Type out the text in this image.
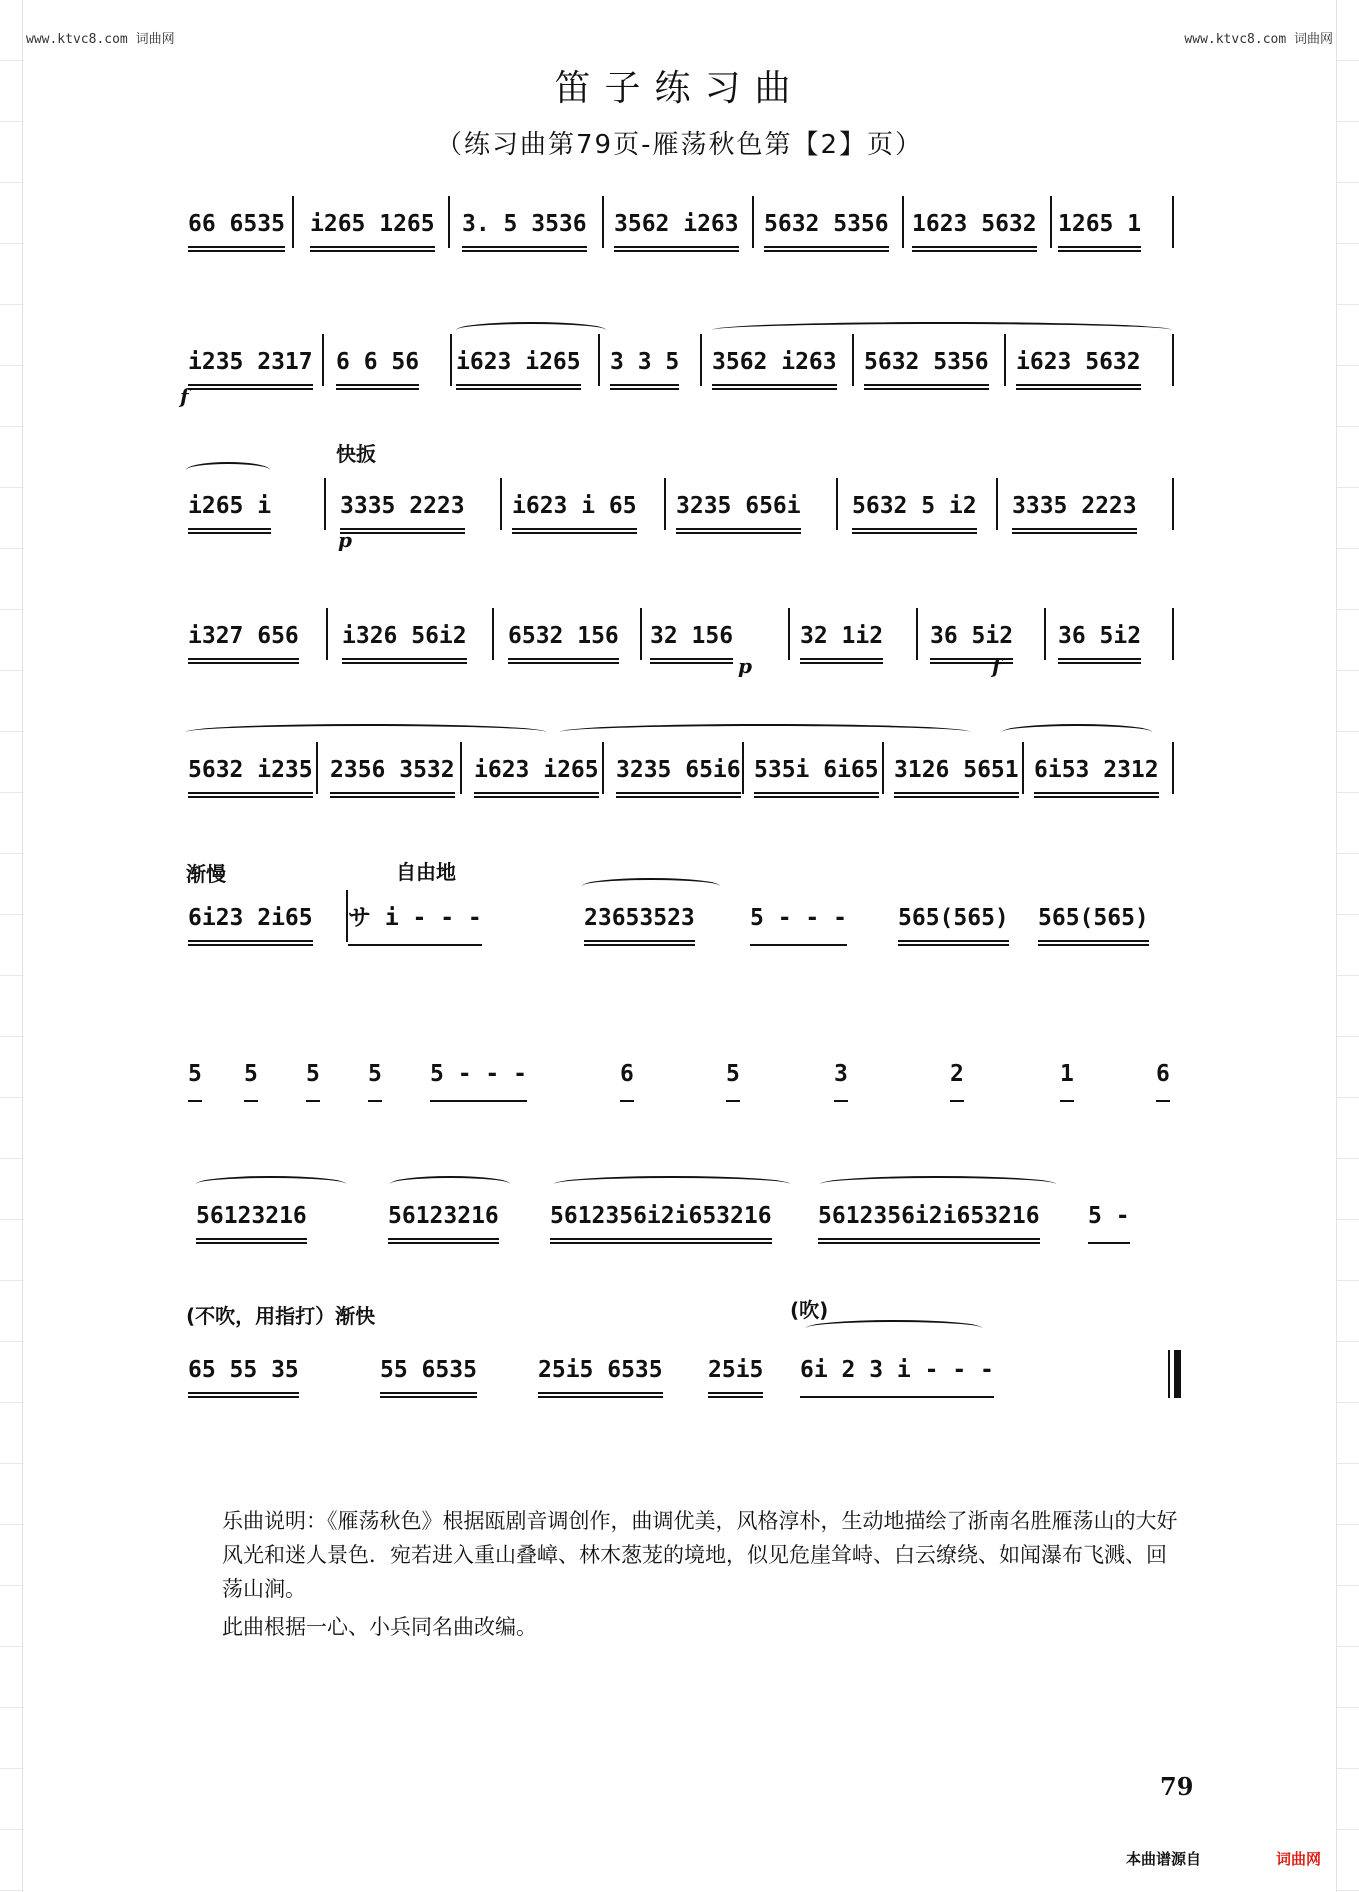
www.ktvc8.com 词曲网	www.ktvc8.com 词曲网
笛子练习曲
（练习曲第79页-雁荡秋色第【2】页）
快扳
渐慢	自由地
(不吹，用指打）渐快	(吹)
f
p
p	f

66 6535

i265 1265

3. 5 3536

3562 i263

5632 5356

1623 5632

1265 1

i235 2317

6 6 56

i623 i265

3 3 5

3562 i263

5632 5356

i623 5632

i265 i

	3335 2223

i623 i 65

3235 656i

5632 5 i2

3335 2223

i327 656

i326 56i2

6532 156

32 156

	32 1i2

36 5i2

36 5i2

5632 i235

2356 3532

i623 i265

3235 65i6

535i 6i65

3126 5651

6i53 2312

6i23 2i65

サ i - - -

	23653523

5 - - -

565(565)

565(565)

5

5

5

5

5 - - -

	6

	5

	3

	2

	1

	6

56123216

	56123216

5612356i2i653216

5612356i2i653216

5 -

65 55 35

	55 6535

	25i5 6535

25i5

6i 2 3 i - - -

乐曲说明：《雁荡秋色》根据瓯剧音调创作，曲调优美，风格淳朴，生动地描绘了浙南名胜雁荡山的大好风光和迷人景色．宛若进入重山叠嶂、林木葱茏的境地，似见危崖耸峙、白云缭绕、如闻瀑布飞溅、回荡山涧。
此曲根据一心、小兵同名曲改编。
79
本曲谱源自	词曲网
